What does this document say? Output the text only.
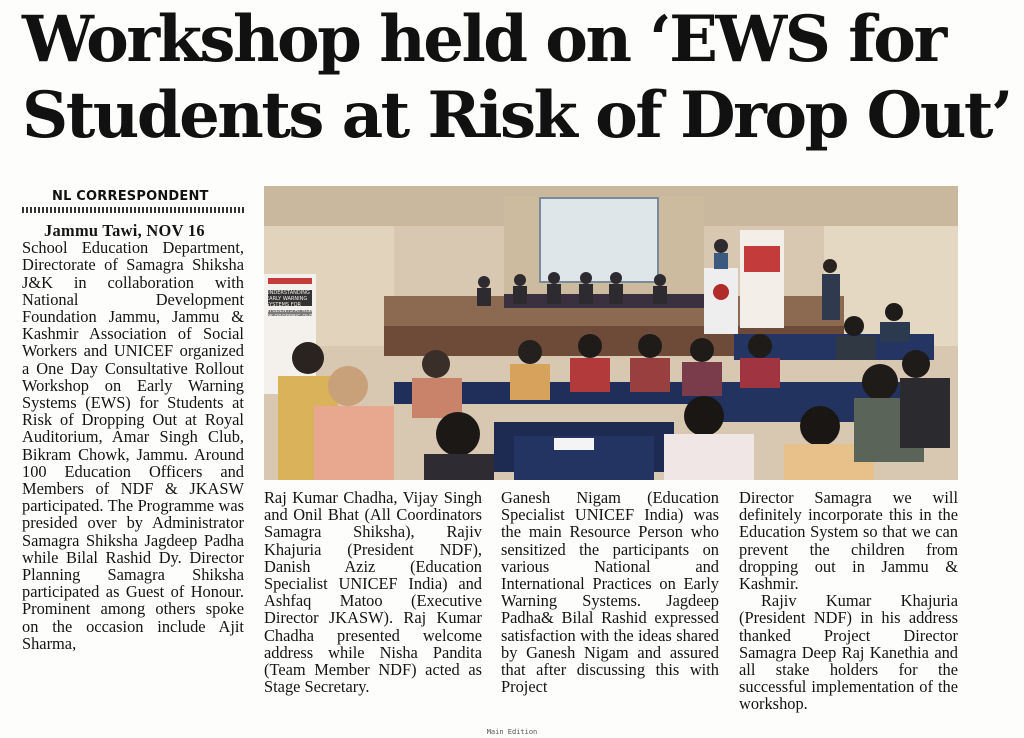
Workshop held on ‘EWS for Students at Risk of Drop Out’
NL CORRESPONDENT

Jammu Tawi, NOV 16

School Education Department, Directorate of Samagra Shiksha J&K in collaboration with National Development Foundation Jammu, Jammu & Kashmir Association of Social Workers and UNICEF organized a One Day Consultative Rollout Workshop on Early Warning Systems (EWS) for Students at Risk of Dropping Out at Royal Auditorium, Amar Singh Club, Bikram Chowk, Jammu. Around 100 Education Officers and Members of NDF & JKASW participated. The Programme was presided over by Administrator Samagra Shiksha Jagdeep Padha while Bilal Rashid Dy. Director Planning Samagra Shiksha participated as Guest of Honour. Prominent among others spoke on the occasion include Ajit Sharma,

UNDERSTANDING EARLY WARNING SYSTEMS FOR STUDENTS AT RISK OF DROPPING OUT

Raj Kumar Chadha, Vijay Singh and Onil Bhat (All Coordinators Samagra Shiksha), Rajiv Khajuria (President NDF), Danish Aziz (Education Specialist UNICEF India) and Ashfaq Matoo (Executive Director JKASW). Raj Kumar Chadha presented welcome address while Nisha Pandita (Team Member NDF) acted as Stage Secretary.

Ganesh Nigam (Education Specialist UNICEF India) was the main Resource Person who sensitized the participants on various National and International Practices on Early Warning Systems. Jagdeep Padha& Bilal Rashid expressed satisfaction with the ideas shared by Ganesh Nigam and assured that after discussing this with Project

Director Samagra we will definitely incorporate this in the Education System so that we can prevent the children from dropping out in Jammu & Kashmir.

Rajiv Kumar Khajuria (President NDF) in his address thanked Project Director Samagra Deep Raj Kanethia and all stake holders for the successful implementation of the workshop.

Main Edition
